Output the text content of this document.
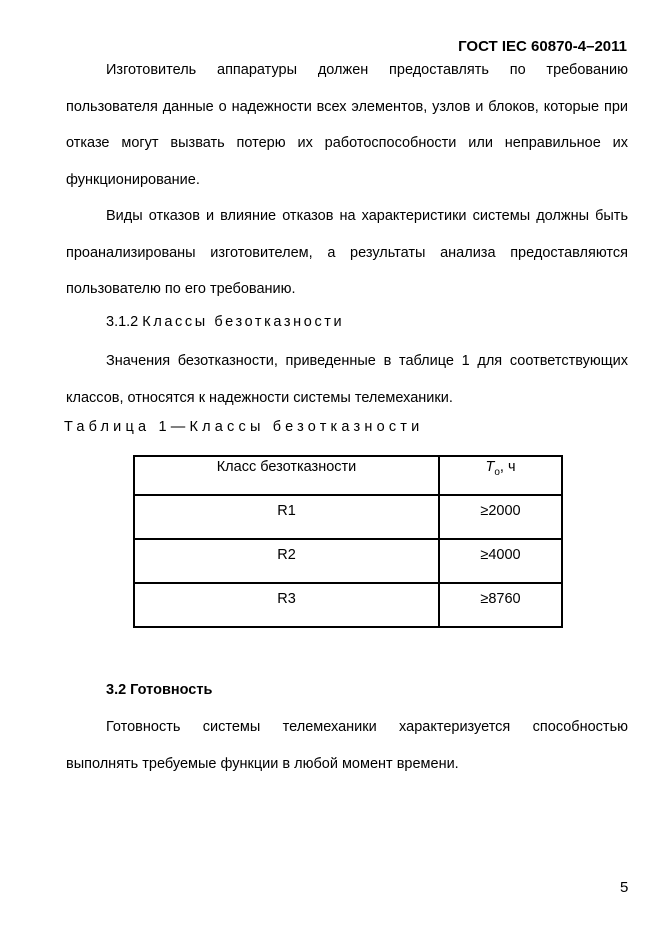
ГОСТ IEC 60870-4–2011

Изготовитель аппаратуры должен предоставлять по требованию пользователя данные о надежности всех элементов, узлов и блоков, которые при отказе могут вызвать потерю их работоспособности или неправильное их функционирование.

Виды отказов и влияние отказов на характеристики системы должны быть проанализированы изготовителем, а результаты анализа предоставляются пользователю по его требованию.

3.1.2 Классы безотказности

Значения безотказности, приведенные в таблице 1 для соответствующих классов, относятся к надежности системы телемеханики.

Таблица 1—Классы безотказности
Класс безотказности	$T_о$, ч
R1	≥2000
R2	≥4000
R3	≥8760
3.2 Готовность

Готовность системы телемеханики характеризуется способностью выполнять требуемые функции в любой момент времени.

5
